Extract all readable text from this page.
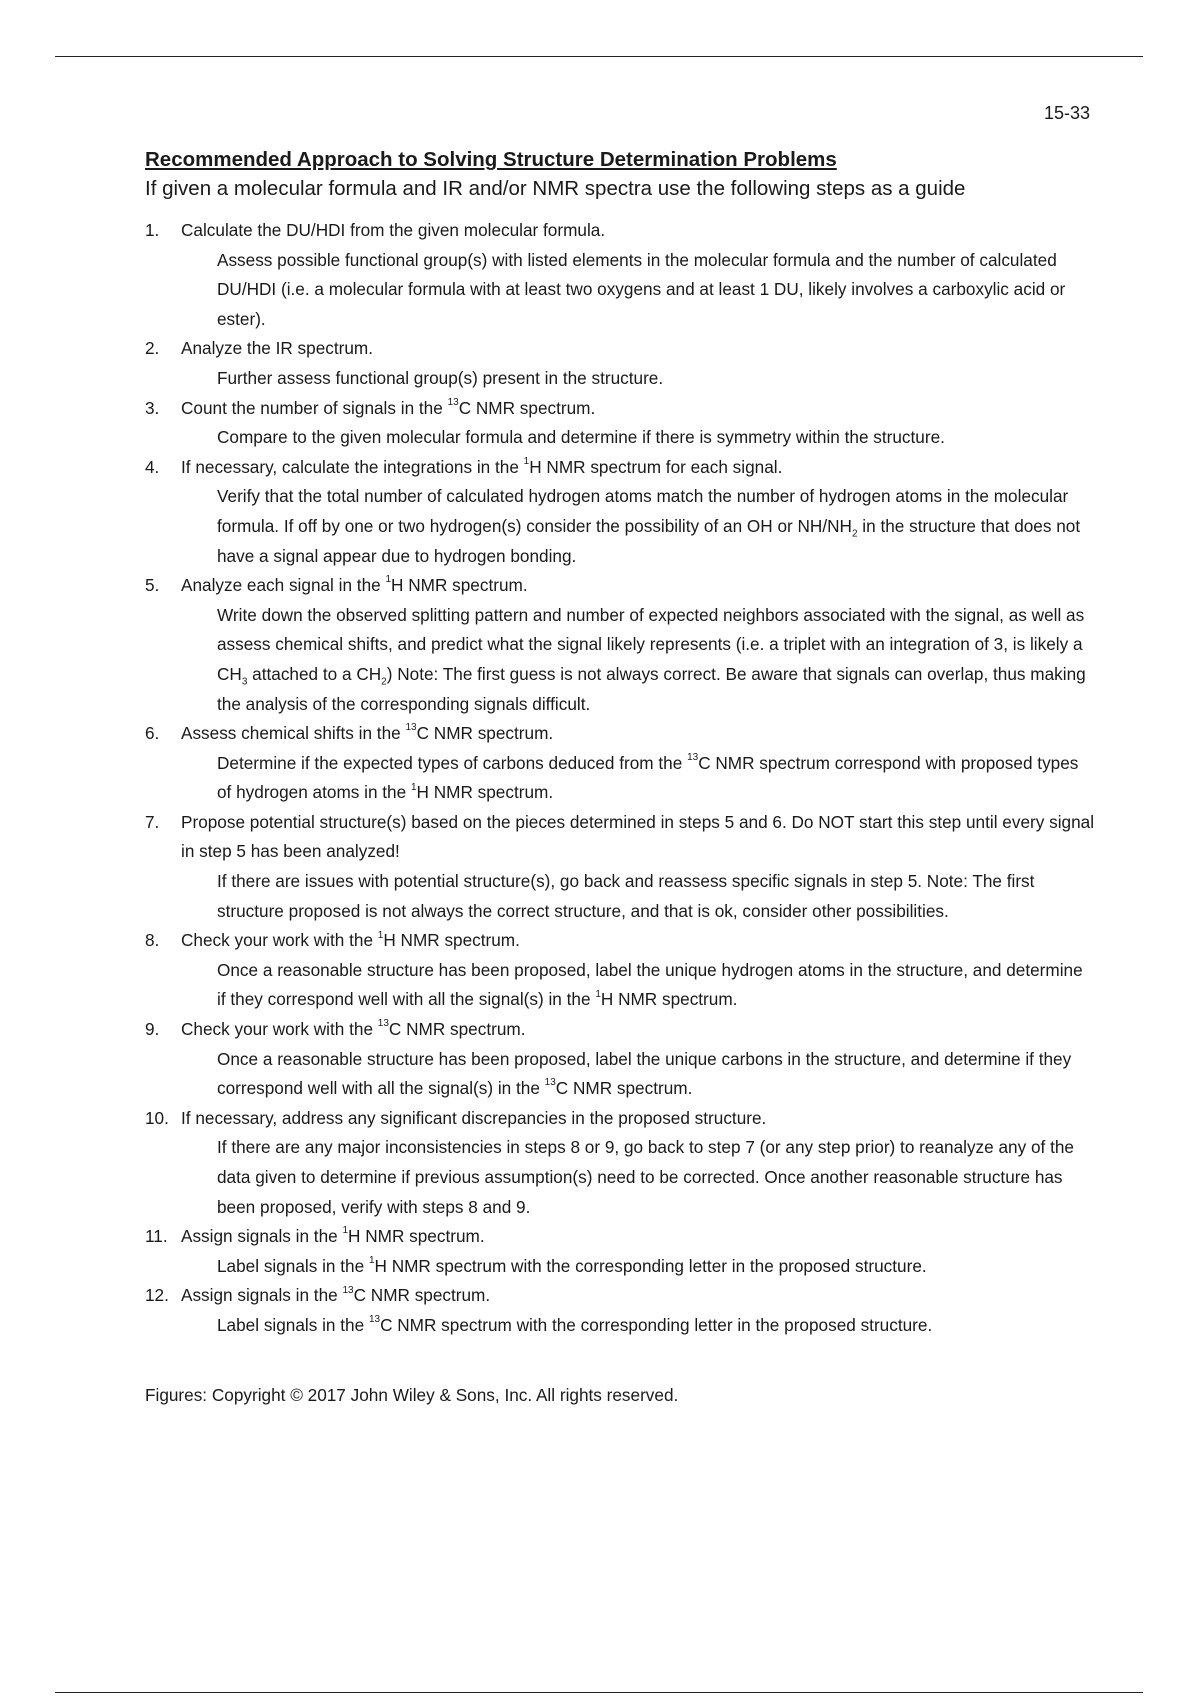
15-33

Recommended Approach to Solving Structure Determination Problems

If given a molecular formula and IR and/or NMR spectra use the following steps as a guide

1. Calculate the DU/HDI from the given molecular formula.
Assess possible functional group(s) with listed elements in the molecular formula and the number of calculated DU/HDI (i.e. a molecular formula with at least two oxygens and at least 1 DU, likely involves a carboxylic acid or ester).
2. Analyze the IR spectrum.
Further assess functional group(s) present in the structure.
3. Count the number of signals in the $^{13}$C NMR spectrum.
Compare to the given molecular formula and determine if there is symmetry within the structure.
4. If necessary, calculate the integrations in the $^1$H NMR spectrum for each signal.
Verify that the total number of calculated hydrogen atoms match the number of hydrogen atoms in the molecular formula. If off by one or two hydrogen(s) consider the possibility of an OH or $NH/NH_2$ in the structure that does not have a signal appear due to hydrogen bonding.
5. Analyze each signal in the $^1$H NMR spectrum.
Write down the observed splitting pattern and number of expected neighbors associated with the signal, as well as assess chemical shifts, and predict what the signal likely represents (i.e. a triplet with an integration of 3, is likely a $CH_3$ attached to a $CH_2$) Note: The first guess is not always correct. Be aware that signals can overlap, thus making the analysis of the corresponding signals difficult.
6. Assess chemical shifts in the $^{13}$C NMR spectrum.
Determine if the expected types of carbons deduced from the $^{13}$C NMR spectrum correspond with proposed types of hydrogen atoms in the $^1$H NMR spectrum.
7. Propose potential structure(s) based on the pieces determined in steps 5 and 6. Do NOT start this step until every signal in step 5 has been analyzed!
If there are issues with potential structure(s), go back and reassess specific signals in step 5. Note: The first structure proposed is not always the correct structure, and that is ok, consider other possibilities.
8. Check your work with the $^1$H NMR spectrum.
Once a reasonable structure has been proposed, label the unique hydrogen atoms in the structure, and determine if they correspond well with all the signal(s) in the $^1$H NMR spectrum.
9. Check your work with the $^{13}$C NMR spectrum.
Once a reasonable structure has been proposed, label the unique carbons in the structure, and determine if they correspond well with all the signal(s) in the $^{13}$C NMR spectrum.
10. If necessary, address any significant discrepancies in the proposed structure.
If there are any major inconsistencies in steps 8 or 9, go back to step 7 (or any step prior) to reanalyze any of the data given to determine if previous assumption(s) need to be corrected. Once another reasonable structure has been proposed, verify with steps 8 and 9.
11. Assign signals in the $^1$H NMR spectrum.
Label signals in the $^1$H NMR spectrum with the corresponding letter in the proposed structure.
12. Assign signals in the $^{13}$C NMR spectrum.
Label signals in the $^{13}$C NMR spectrum with the corresponding letter in the proposed structure.
Figures: Copyright © 2017 John Wiley & Sons, Inc. All rights reserved.
